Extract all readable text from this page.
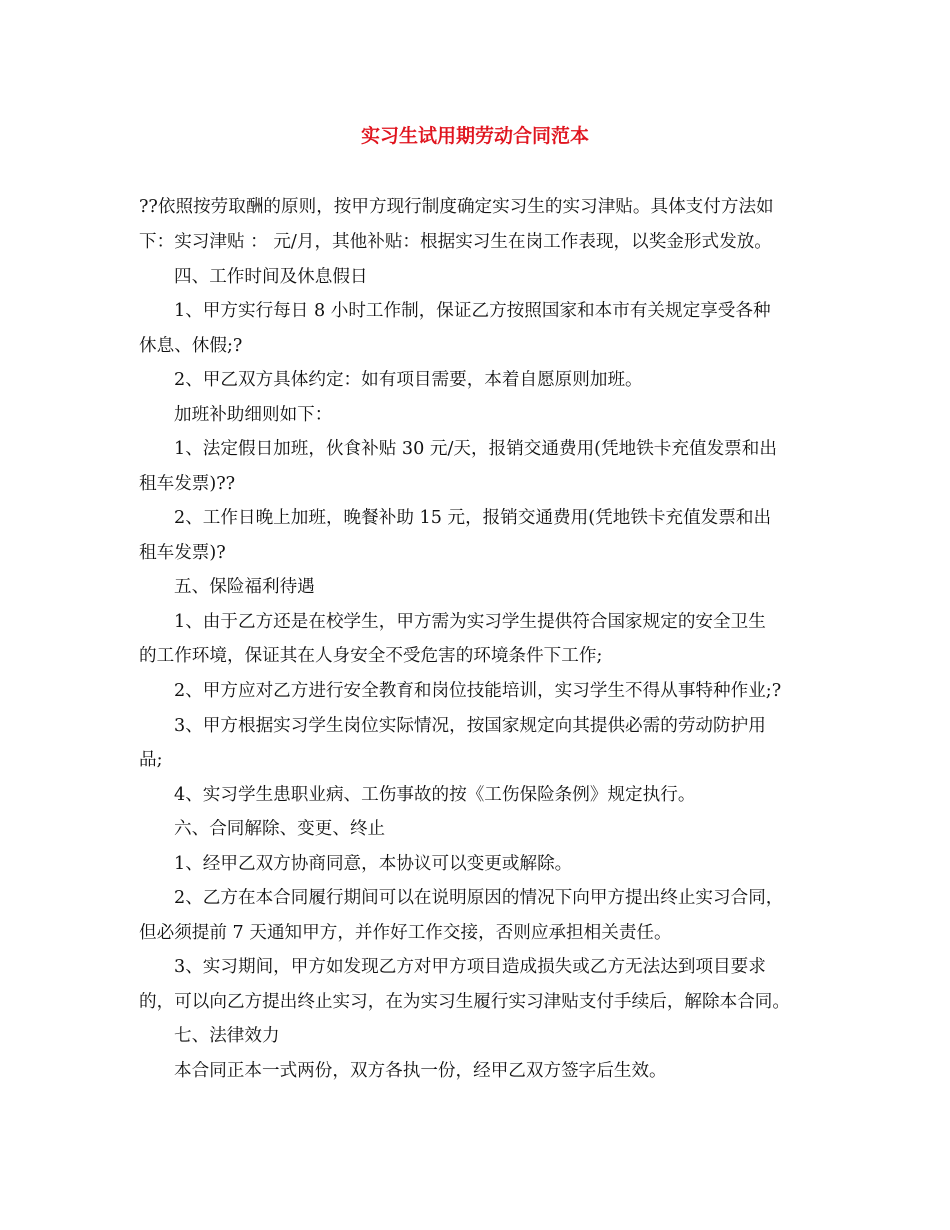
实习生试用期劳动合同范本

??依照按劳取酬的原则，按甲方现行制度确定实习生的实习津贴。具体支付方法如

下：实习津贴 ： 元/月，其他补贴：根据实习生在岗工作表现，以奖金形式发放。

四、工作时间及休息假日

1、甲方实行每日 8 小时工作制，保证乙方按照国家和本市有关规定享受各种

休息、休假;?

2、甲乙双方具体约定：如有项目需要，本着自愿原则加班。

加班补助细则如下：

1、法定假日加班，伙食补贴 30 元/天，报销交通费用(凭地铁卡充值发票和出

租车发票)??

2、工作日晚上加班，晚餐补助 15 元，报销交通费用(凭地铁卡充值发票和出

租车发票)?

五、保险福利待遇

1、由于乙方还是在校学生，甲方需为实习学生提供符合国家规定的安全卫生

的工作环境，保证其在人身安全不受危害的环境条件下工作;

2、甲方应对乙方进行安全教育和岗位技能培训，实习学生不得从事特种作业;?

3、甲方根据实习学生岗位实际情况，按国家规定向其提供必需的劳动防护用

品;

4、实习学生患职业病、工伤事故的按《工伤保险条例》规定执行。

六、合同解除、变更、终止

1、经甲乙双方协商同意，本协议可以变更或解除。

2、乙方在本合同履行期间可以在说明原因的情况下向甲方提出终止实习合同，

但必须提前 7 天通知甲方，并作好工作交接，否则应承担相关责任。

3、实习期间，甲方如发现乙方对甲方项目造成损失或乙方无法达到项目要求

的，可以向乙方提出终止实习，在为实习生履行实习津贴支付手续后，解除本合同。

七、法律效力

本合同正本一式两份，双方各执一份，经甲乙双方签字后生效。
